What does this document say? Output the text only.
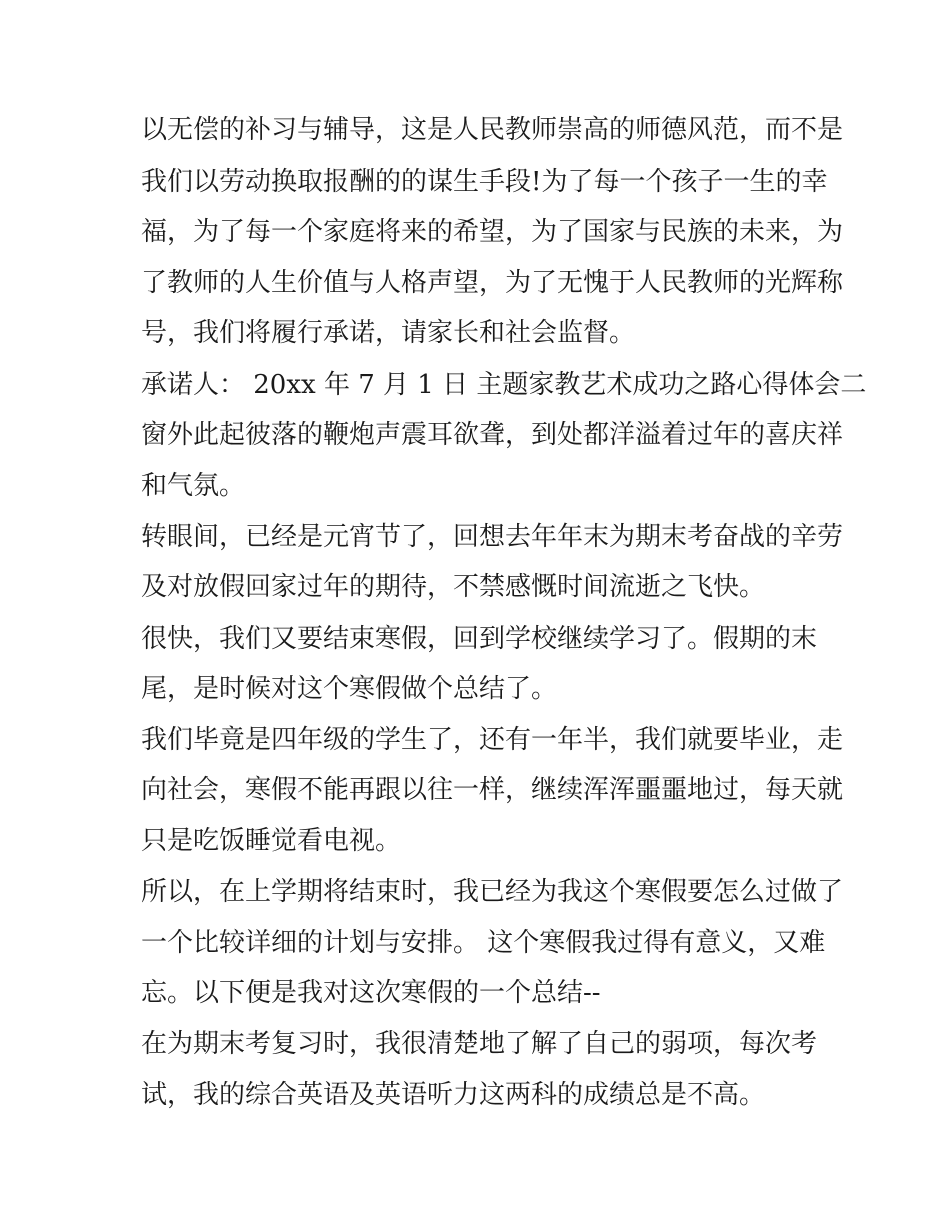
以无偿的补习与辅导，这是人民教师崇高的师德风范，而不是

我们以劳动换取报酬的的谋生手段!为了每一个孩子一生的幸

福，为了每一个家庭将来的希望，为了国家与民族的未来，为

了教师的人生价值与人格声望，为了无愧于人民教师的光辉称

号，我们将履行承诺，请家长和社会监督。

承诺人： 20xx 年 7 月 1 日 主题家教艺术成功之路心得体会二

窗外此起彼落的鞭炮声震耳欲聋，到处都洋溢着过年的喜庆祥

和气氛。

转眼间，已经是元宵节了，回想去年年末为期末考奋战的辛劳

及对放假回家过年的期待，不禁感慨时间流逝之飞快。

很快，我们又要结束寒假，回到学校继续学习了。假期的末

尾，是时候对这个寒假做个总结了。

我们毕竟是四年级的学生了，还有一年半，我们就要毕业，走

向社会，寒假不能再跟以往一样，继续浑浑噩噩地过，每天就

只是吃饭睡觉看电视。

所以，在上学期将结束时，我已经为我这个寒假要怎么过做了

一个比较详细的计划与安排。 这个寒假我过得有意义，又难

忘。以下便是我对这次寒假的一个总结--

在为期末考复习时，我很清楚地了解了自己的弱项，每次考

试，我的综合英语及英语听力这两科的成绩总是不高。
